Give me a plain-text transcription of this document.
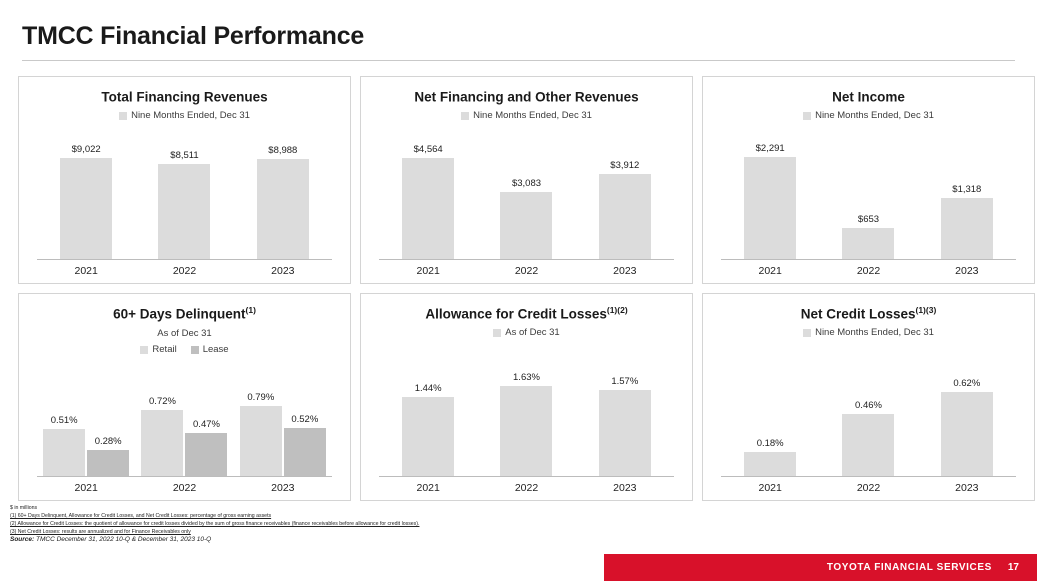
TMCC Financial Performance
Total Financing Revenues
Nine Months Ended, Dec 31
$9,022
$8,511	$8,988
2021	2022	2023
Net Financing and Other Revenues
Nine Months Ended, Dec 31
$4,564
$3,083
$3,912
2021	2022	2023
Net Income
Nine Months Ended, Dec 31
$2,291
$653
$1,318
2021	2022	2023
60+ Days Delinquent$^{(1)}$
As of Dec 31
Retail	Lease
0.51%
0.28%
0.72%
0.47%
0.79%
0.52%
2021	2022	2023
Allowance for Credit Losses$^{(1)(2)}$
As of Dec 31
1.44%
1.63%	1.57%
2021	2022	2023
Net Credit Losses$^{(1)(3)}$
Nine Months Ended, Dec 31
0.18%
0.46%
0.62%
2021	2022	2023
$ in millions
(1) 60+ Days Delinquent, Allowance for Credit Losses, and Net Credit Losses: percentage of gross earning assets
(2) Allowance for Credit Losses: the quotient of allowance for credit losses divided by the sum of gross finance receivables (finance receivables before allowance for credit losses).
(3) Net Credit Losses: results are annualized and for Finance Receivables only
Source: TMCC December 31, 2022 10-Q & December 31, 2023 10-Q
TOYOTA FINANCIAL SERVICES 17
